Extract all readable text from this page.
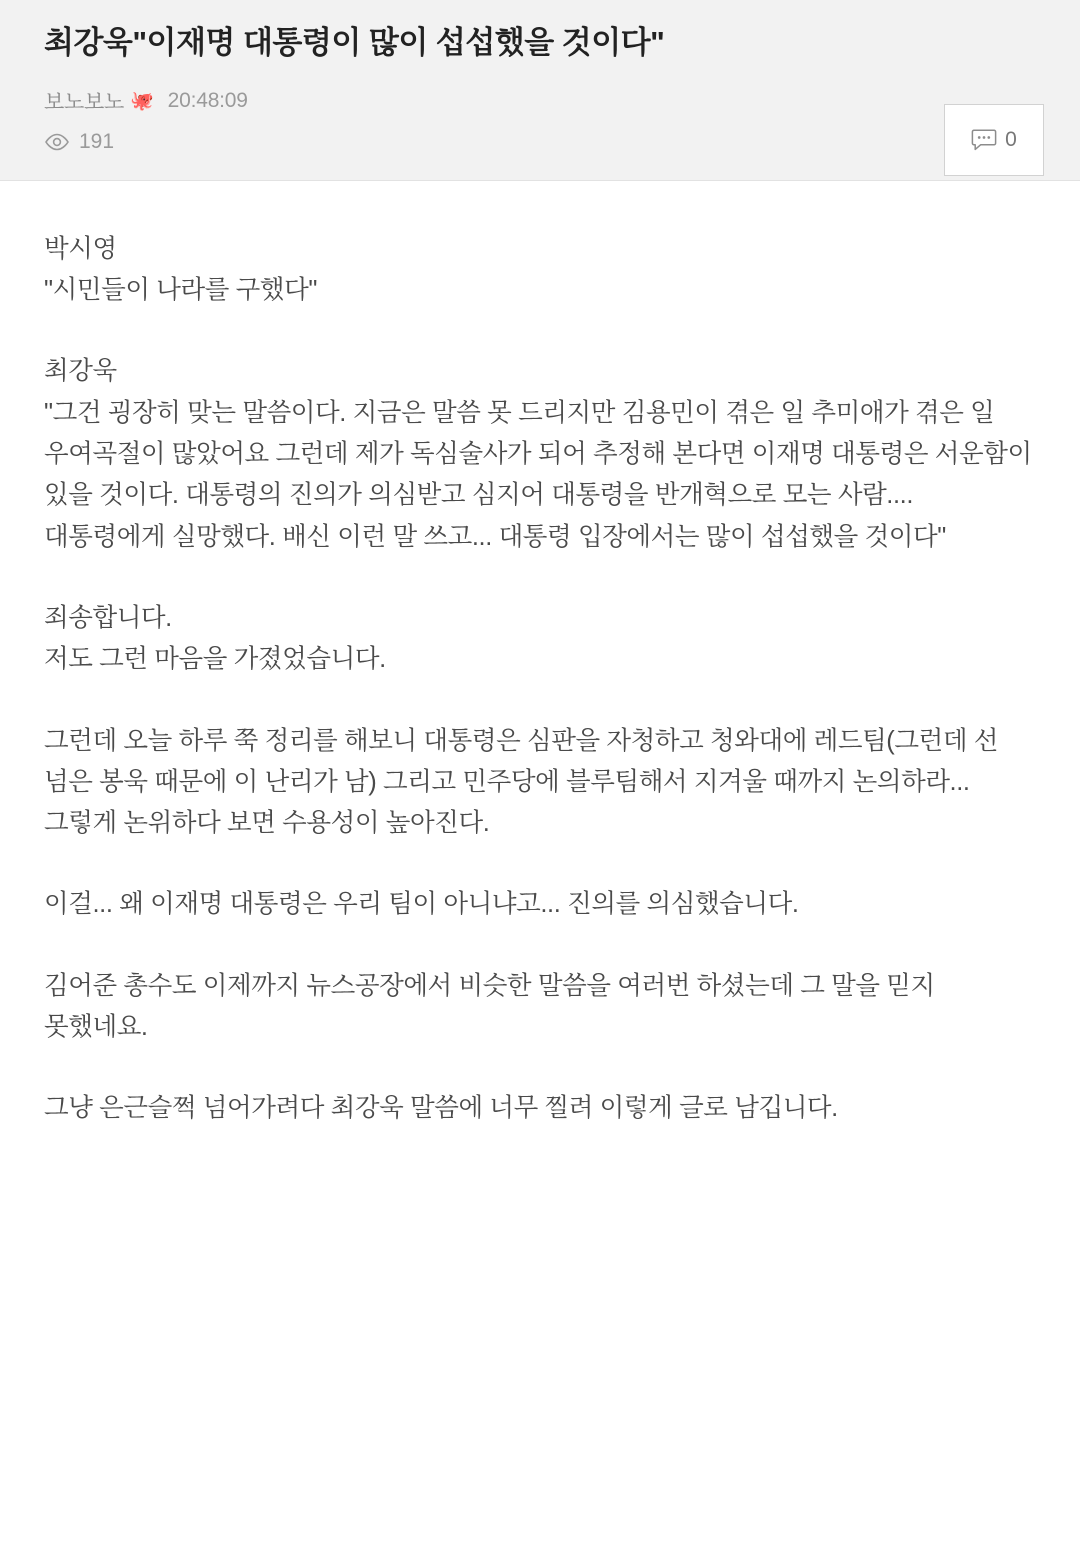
최강욱"이재명 대통령이 많이 섭섭했을 것이다"
보노보노 🐙 20:48:09
191	0

박시영

"시민들이 나라를 구했다"

최강욱

"그건 굉장히 맞는 말씀이다. 지금은 말씀 못 드리지만 김용민이 겪은 일 추미애가 겪은 일 우여곡절이 많았어요 그런데 제가 독심술사가 되어 추정해 본다면 이재명 대통령은 서운함이 있을 것이다. 대통령의 진의가 의심받고 심지어 대통령을 반개혁으로 모는 사람.... 대통령에게 실망했다. 배신 이런 말 쓰고... 대통령 입장에서는 많이 섭섭했을 것이다"

죄송합니다.

저도 그런 마음을 가졌었습니다.

그런데 오늘 하루 쭉 정리를 해보니 대통령은 심판을 자청하고 청와대에 레드팀(그런데 선 넘은 봉욱 때문에 이 난리가 남) 그리고 민주당에 블루팀해서 지겨울 때까지 논의하라... 그렇게 논위하다 보면 수용성이 높아진다.

이걸... 왜 이재명 대통령은 우리 팀이 아니냐고... 진의를 의심했습니다.

김어준 총수도 이제까지 뉴스공장에서 비슷한 말씀을 여러번 하셨는데 그 말을 믿지 못했네요.

그냥 은근슬쩍 넘어가려다 최강욱 말씀에 너무 찔려 이렇게 글로 남깁니다.
